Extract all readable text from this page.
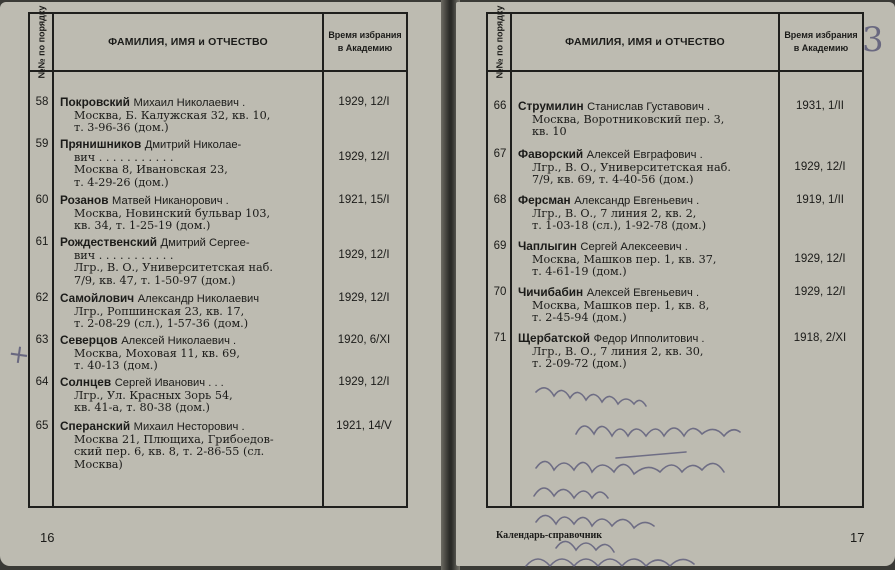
№№ по порядку	ФАМИЛИЯ, ИМЯ и ОТЧЕСТВО
Время избрания
в Академию
58 Покровский Михаил Николаевич .
Москва, Б. Калужская 32, кв. 10,
т. 3-96-36 (дом.)
1929, 12/I
59 Прянишников Дмитрий Николае-
вич . . . . . . . . . . .
Москва 8, Ивановская 23,
т. 4-29-26 (дом.)
1929, 12/I
60 Розанов Матвей Никанорович .
Москва, Новинский бульвар 103,
кв. 34, т. 1-25-19 (дом.)
1921, 15/I
61 Рождественский Дмитрий Сергее-
вич . . . . . . . . . . .
Лгр., В. О., Университетская наб.
7/9, кв. 47, т. 1-50-97 (дом.)
1929, 12/I
62 Самойлович Александр Николаевич
Лгр., Ропшинская 23, кв. 17,
т. 2-08-29 (сл.), 1-57-36 (дом.)
1929, 12/I
63 Северцов Алексей Николаевич .
Москва, Моховая 11, кв. 69,
т. 40-13 (дом.)
1920, 6/XI
64 Солнцев Сергей Иванович . . .
Лгр., Ул. Красных Зорь 54,
кв. 41-а, т. 80-38 (дом.)
1929, 12/I
65 Сперанский Михаил Несторович .
Москва 21, Плющиха, Грибоедов-
ский пер. 6, кв. 8, т. 2-86-55 (сл.
Москва)
1921, 14/V
16
+
№№ по порядку	ФАМИЛИЯ, ИМЯ и ОТЧЕСТВО
Время избрания
в Академию
66 Струмилин Станислав Густавович .
Москва, Воротниковский пер. 3,
кв. 10
1931, 1/II
67 Фаворский Алексей Евграфович .
Лгр., В. О., Университетская наб.
7/9, кв. 69, т. 4-40-56 (дом.)
1929, 12/I
68 Ферсман Александр Евгеньевич .
Лгр., В. О., 7 линия 2, кв. 2,
т. 1-03-18 (сл.), 1-92-78 (дом.)
1919, 1/II
69 Чаплыгин Сергей Алексеевич .
Москва, Машков пер. 1, кв. 37,
т. 4-61-19 (дом.)
1929, 12/I
70 Чичибабин Алексей Евгеньевич .
Москва, Машков пер. 1, кв. 8,
т. 2-45-94 (дом.)
1929, 12/I
71 Щербатской Федор Ипполитович .
Лгр., В. О., 7 линия 2, кв. 30,
т. 2-09-72 (дом.)
1918, 2/XI
Календарь-справочник	17
3
